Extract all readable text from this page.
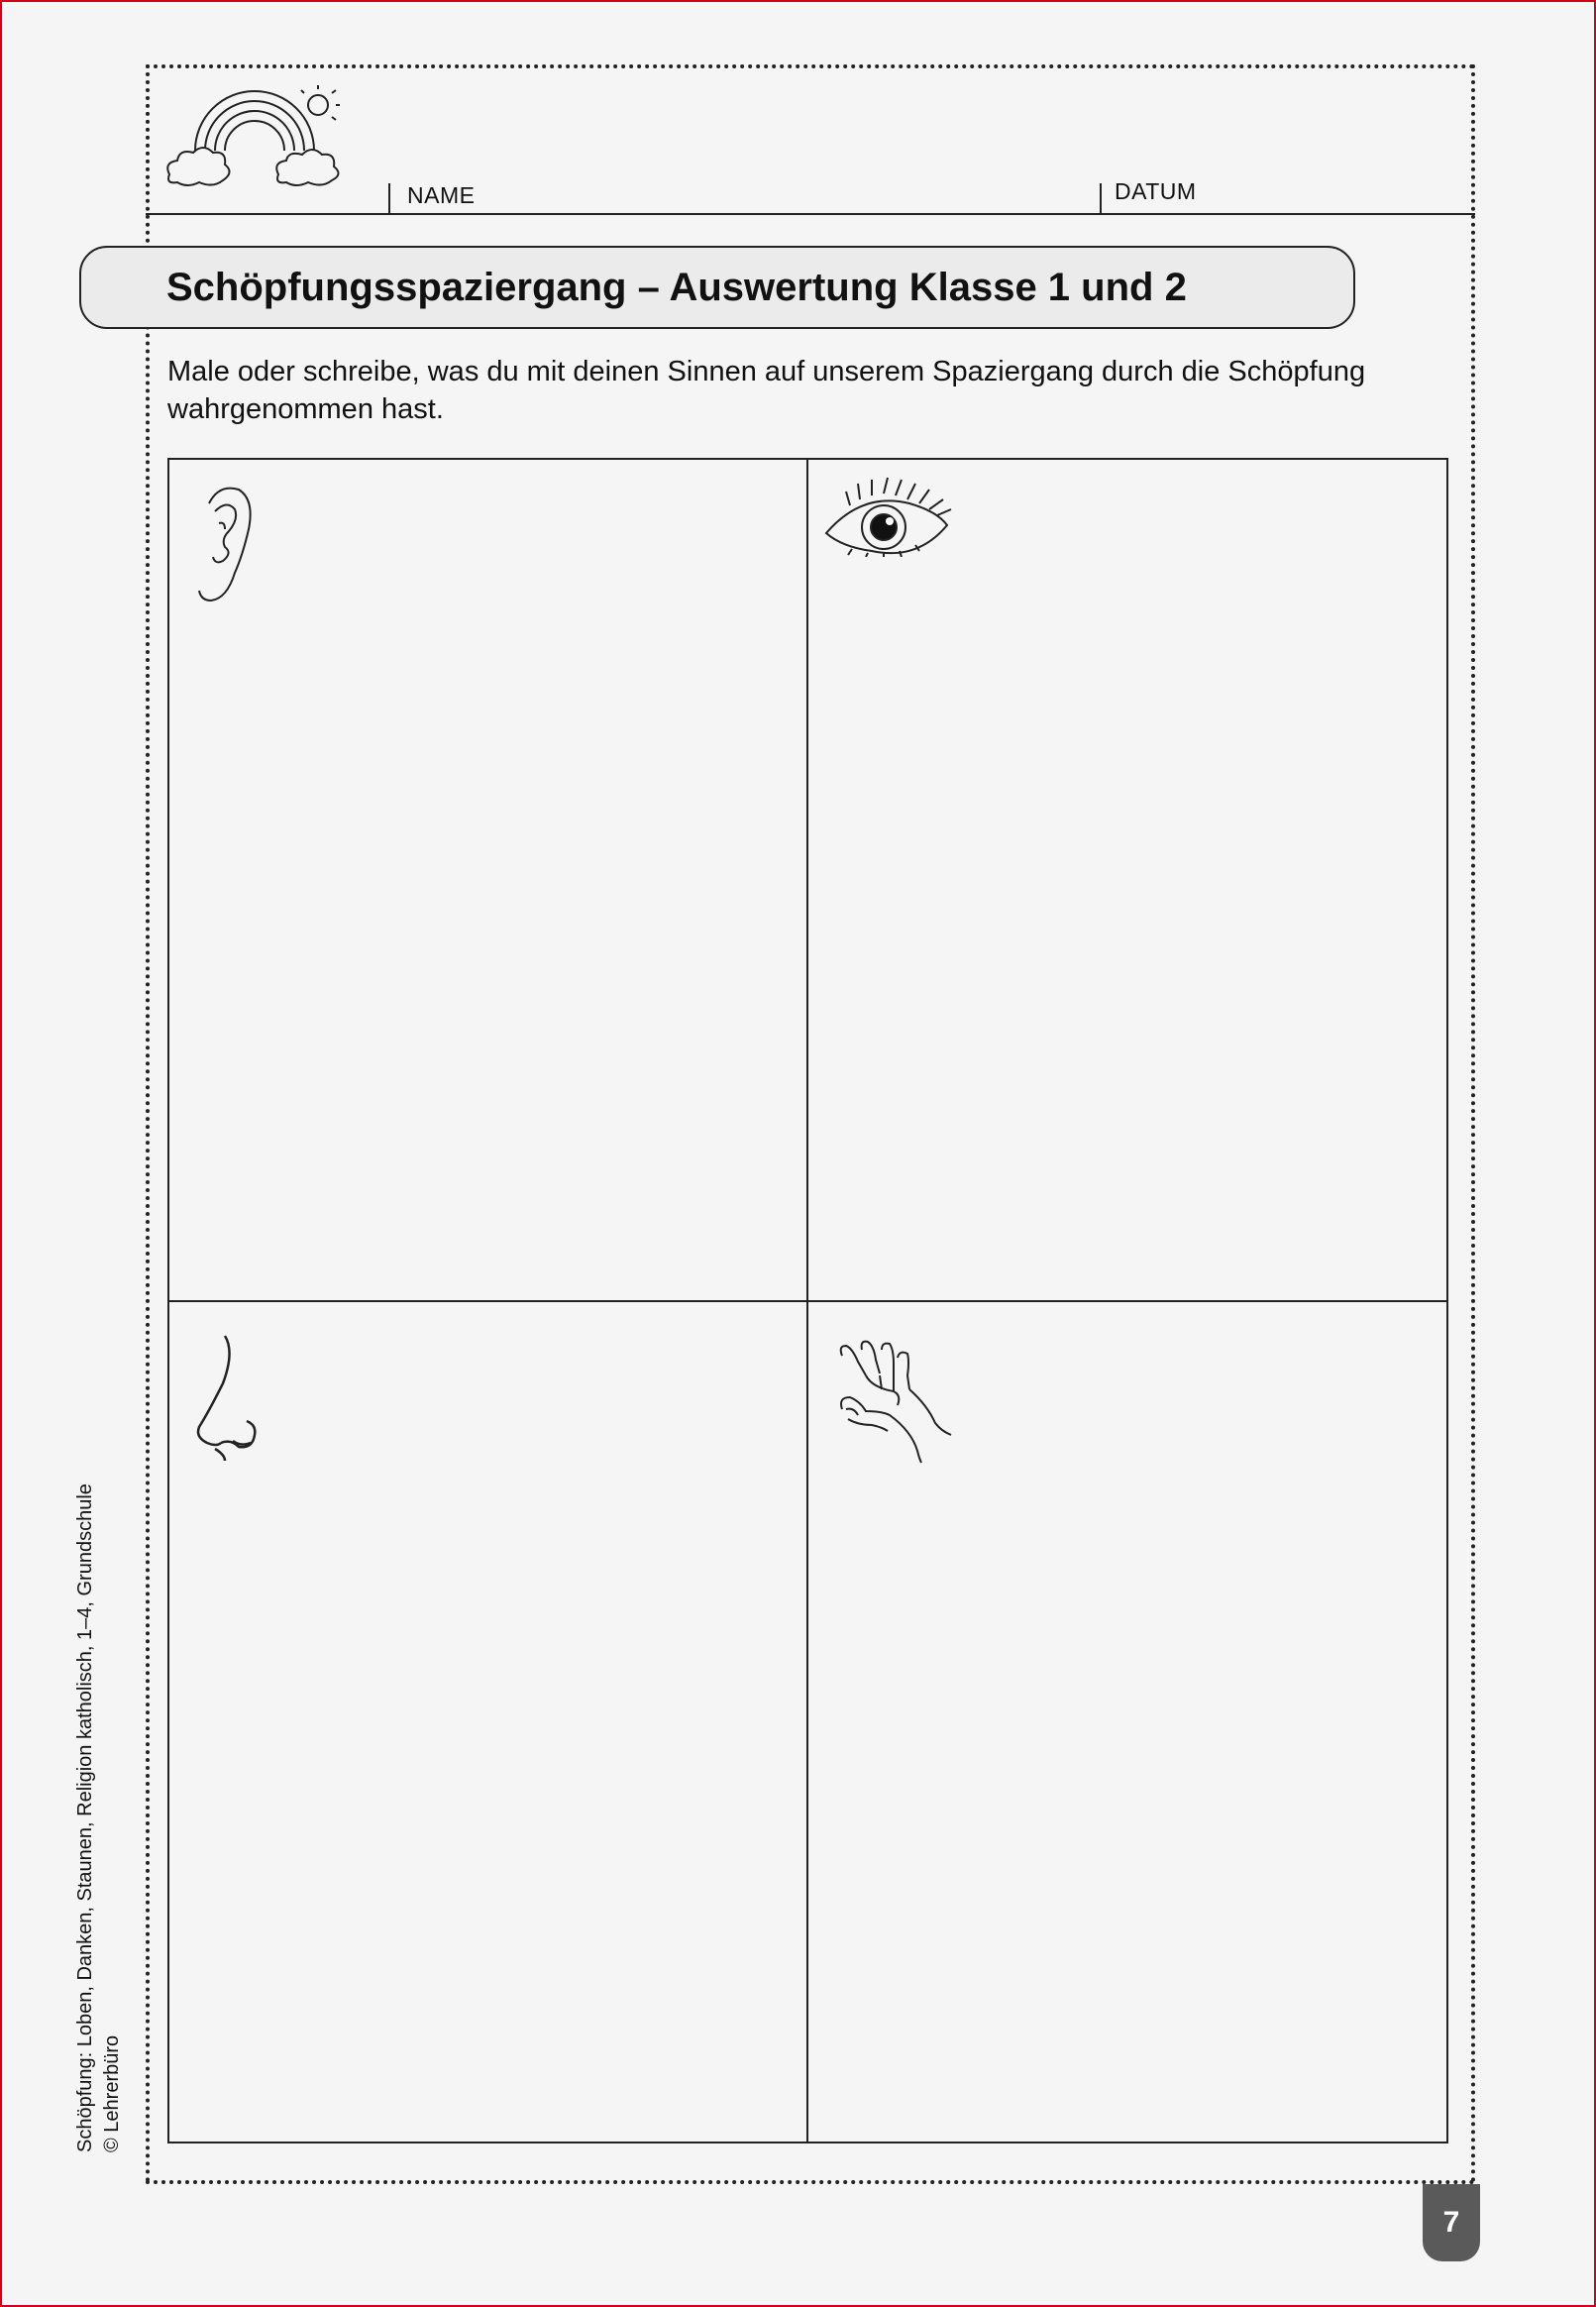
NAME	DATUM
Schöpfungsspaziergang – Auswertung Klasse 1 und 2

Male oder schreibe, was du mit deinen Sinnen auf unserem Spaziergang durch die Schöpfung wahrgenommen hast.

Schöpfung: Loben, Danken, Staunen, Religion katholisch, 1–4, Grundschule © Lehrerbüro
7
